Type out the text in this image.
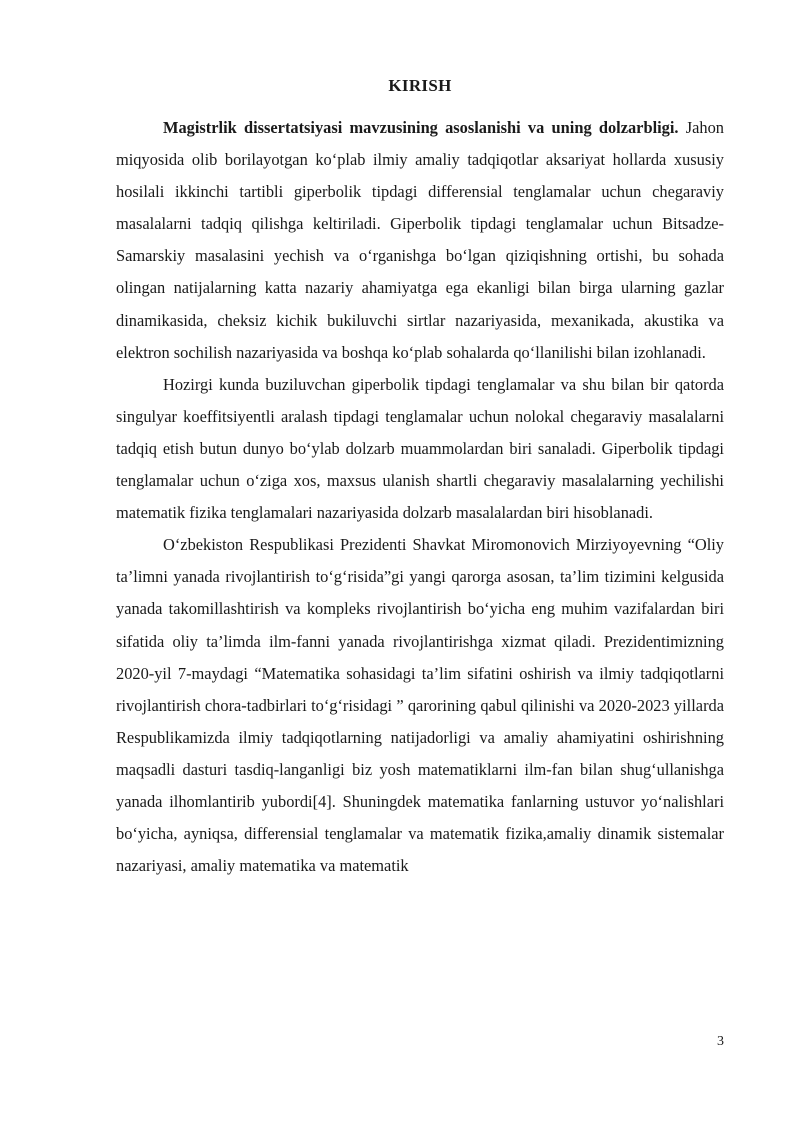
KIRISH

Magistrlik dissertatsiyasi mavzusining asoslanishi va uning dolzarbligi. Jahon miqyosida olib borilayotgan ko‘plab ilmiy amaliy tadqiqotlar aksariyat hollarda xususiy hosilali ikkinchi tartibli giperbolik tipdagi differensial tenglamalar uchun chegaraviy masalalarni tadqiq qilishga keltiriladi. Giperbolik tipdagi tenglamalar uchun Bitsadze-Samarskiy masalasini yechish va o‘rganishga bo‘lgan qiziqishning ortishi, bu sohada olingan natijalarning katta nazariy ahamiyatga ega ekanligi bilan birga ularning gazlar dinamikasida, cheksiz kichik bukiluvchi sirtlar nazariyasida, mexanikada, akustika va elektron sochilish nazariyasida va boshqa ko‘plab sohalarda qo‘llanilishi bilan izohlanadi.

Hozirgi kunda buziluvchan giperbolik tipdagi tenglamalar va shu bilan bir qatorda singulyar koeffitsiyentli aralash tipdagi tenglamalar uchun nolokal chegaraviy masalalarni tadqiq etish butun dunyo bo‘ylab dolzarb muammolardan biri sanaladi. Giperbolik tipdagi tenglamalar uchun o‘ziga xos, maxsus ulanish shartli chegaraviy masalalarning yechilishi matematik fizika tenglamalari nazariyasida dolzarb masalalardan biri hisoblanadi.

O‘zbekiston Respublikasi Prezidenti Shavkat Miromonovich Mirziyoyevning “Oliy ta’limni yanada rivojlantirish to‘g‘risida”gi yangi qarorga asosan, ta’lim tizimini kelgusida yanada takomillashtirish va kompleks rivojlantirish bo‘yicha eng muhim vazifalardan biri sifatida oliy ta’limda ilm-fanni yanada rivojlantirishga xizmat qiladi. Prezidentimizning 2020-yil 7-maydagi “Matematika sohasidagi ta’lim sifatini oshirish va ilmiy tadqiqotlarni rivojlantirish chora-tadbirlari to‘g‘risidagi ” qarorining qabul qilinishi va 2020-2023 yillarda Respublikamizda ilmiy tadqiqotlarning natijadorligi va amaliy ahamiyatini oshirishning maqsadli dasturi tasdiq-langanligi biz yosh matematiklarni ilm-fan bilan shug‘ullanishga yanada ilhomlantirib yubordi[4]. Shuningdek matematika fanlarning ustuvor yo‘nalishlari bo‘yicha, ayniqsa, differensial tenglamalar va matematik fizika,amaliy dinamik sistemalar nazariyasi, amaliy matematika va matematik

3
